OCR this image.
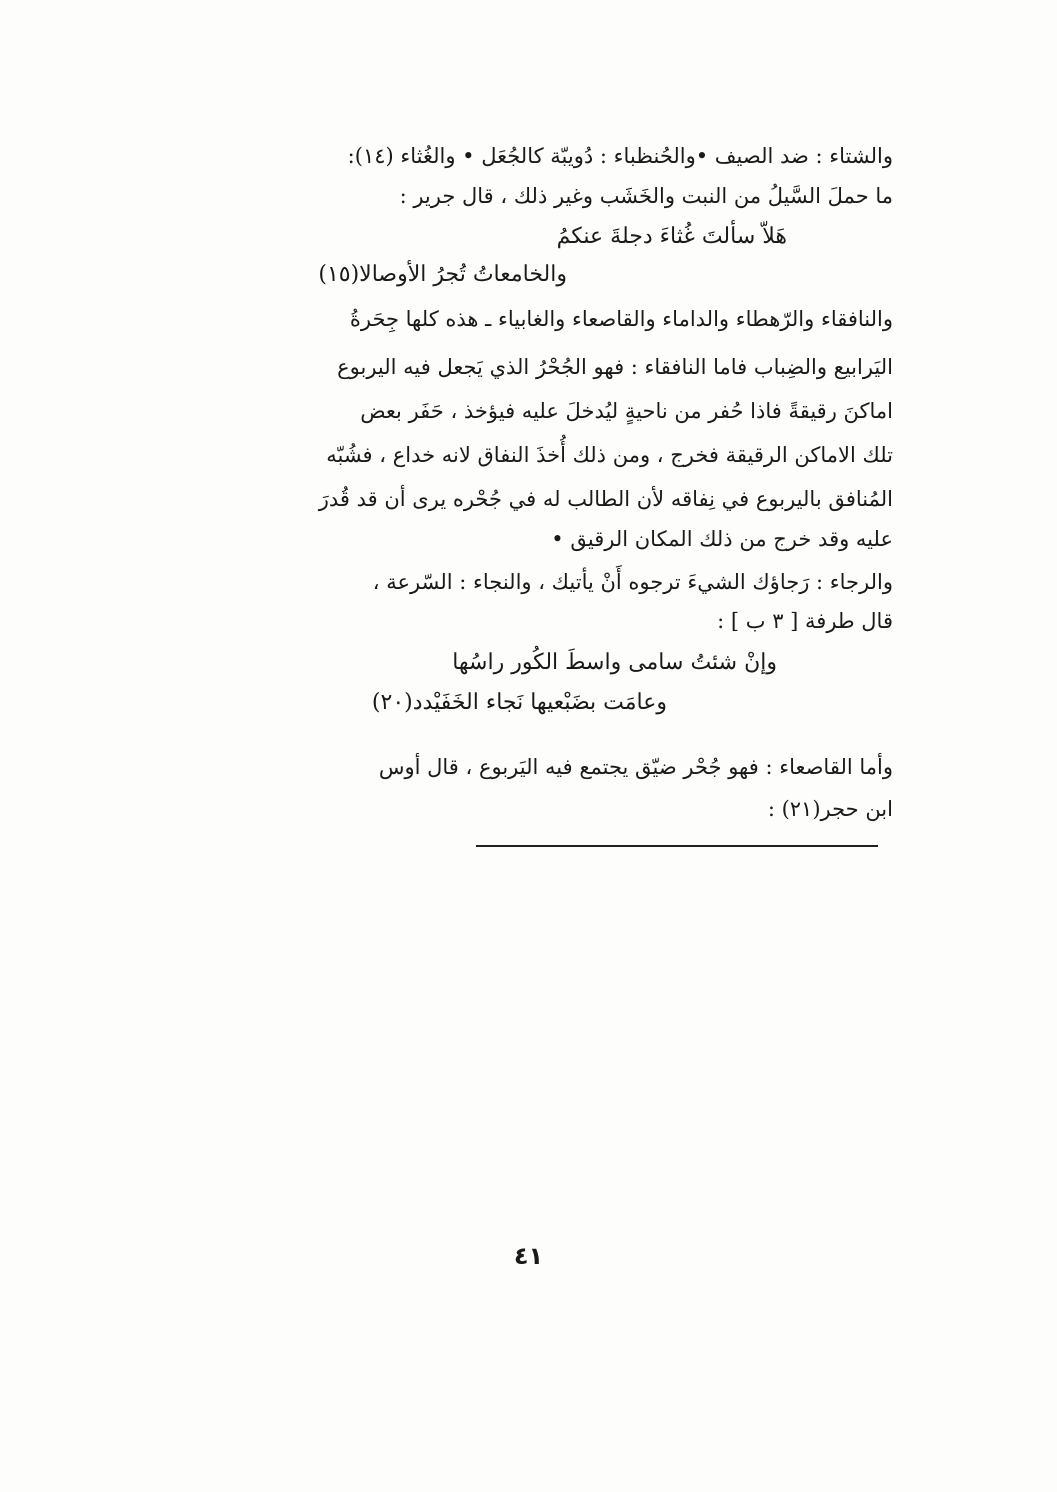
والشتاء : ضد الصيف •والحُنظباء : دُويبّة كالجُعَل • والغُثاء (١٤):
ما حملَ السَّيلُ من النبت والخَشَب وغير ذلك ، قال جرير :
هَلاّ سألتَ غُثاءَ دجلةَ عنكمُ
والخامعاتُ تُجرُ الأوصالا(١٥)
والنافقاء والرّهطاء والداماء والقاصعاء والغابياء ـ هذه كلها جِحَرةُ
اليَرابيع والضِباب فاما النافقاء : فهو الجُحْرُ الذي يَجعل فيه اليربوع
اماكنَ رقيقةً فاذا حُفر من ناحيةٍ ليُدخلَ عليه فيؤخذ ، حَفَر بعض
تلك الاماكن الرقيقة فخرج ، ومن ذلك أُخذَ النفاق لانه خداع ، فشُبّه
المُنافق باليربوع في نِفاقه لأن الطالب له في جُحْره يرى أن قد قُدرَ
عليه وقد خرج من ذلك المكان الرقيق •
والرجاء : رَجاؤك الشيءَ ترجوه أَنْ يأتيك ، والنجاء : السّرعة ،
قال طرفة [ ٣ ب ] :
وإنْ شئتُ سامى واسطَ الكُور راسُها
وعامَت بضَبْعيها نَجاء الخَفَيْدد(٢٠)
وأما القاصعاء : فهو جُحْر ضيّق يجتمع فيه اليَربوع ، قال أوس
ابن حجر(٢١) :
٤١
